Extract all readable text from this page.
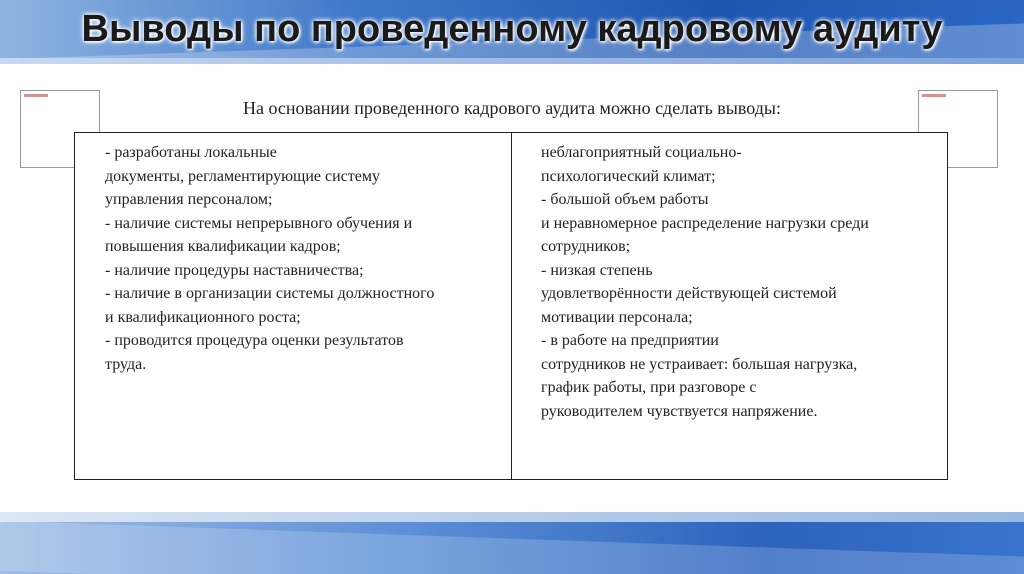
Выводы по проведенному кадровому аудиту
На основании проведенного кадрового аудита можно сделать выводы:
- разработаны локальные
документы, регламентирующие систему
управления персоналом;
- наличие системы непрерывного обучения и
повышения квалификации кадров;
- наличие процедуры наставничества;
- наличие в организации системы должностного
и квалификационного роста;
- проводится процедура оценки результатов
труда.
неблагоприятный социально-
психологический климат;
- большой объем работы
и неравномерное распределение нагрузки среди
сотрудников;
- низкая степень
удовлетворённости действующей системой
мотивации персонала;
- в работе на предприятии
сотрудников не устраивает: большая нагрузка,
график работы, при разговоре с
руководителем чувствуется напряжение.
